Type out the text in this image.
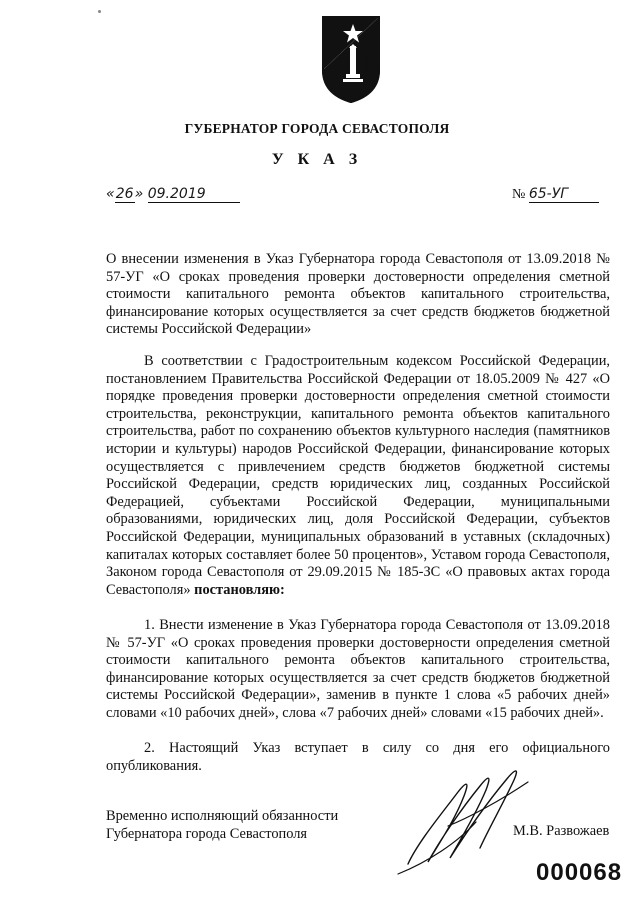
ГУБЕРНАТОР ГОРОДА СЕВАСТОПОЛЯ
У К А З
«26» 09.2019	№ 65-УГ
О внесении изменения в Указ Губернатора города Севастополя от 13.09.2018 № 57-УГ «О сроках проведения проверки достоверности определения сметной стоимости капитального ремонта объектов капитального строительства, финансирование которых осуществляется за счет средств бюджетов бюджетной системы Российской Федерации»
В соответствии с Градостроительным кодексом Российской Федерации, постановлением Правительства Российской Федерации от 18.05.2009 № 427 «О порядке проведения проверки достоверности определения сметной стоимости строительства, реконструкции, капитального ремонта объектов капитального строительства, работ по сохранению объектов культурного наследия (памятников истории и культуры) народов Российской Федерации, финансирование которых осуществляется с привлечением средств бюджетов бюджетной системы Российской Федерации, средств юридических лиц, созданных Российской Федерацией, субъектами Российской Федерации, муниципальными образованиями, юридических лиц, доля Российской Федерации, субъектов Российской Федерации, муниципальных образований в уставных (складочных) капиталах которых составляет более 50 процентов», Уставом города Севастополя, Законом города Севастополя от 29.09.2015 № 185-ЗС «О правовых актах города Севастополя» постановляю:
1. Внести изменение в Указ Губернатора города Севастополя от 13.09.2018 № 57-УГ «О сроках проведения проверки достоверности определения сметной стоимости капитального ремонта объектов капитального строительства, финансирование которых осуществляется за счет средств бюджетов бюджетной системы Российской Федерации», заменив в пункте 1 слова «5 рабочих дней» словами «10 рабочих дней», слова «7 рабочих дней» словами «15 рабочих дней».
2. Настоящий Указ вступает в силу со дня его официального опубликования.
Временно исполняющий обязанности
Губернатора города Севастополя	М.В. Развожаев
000068
